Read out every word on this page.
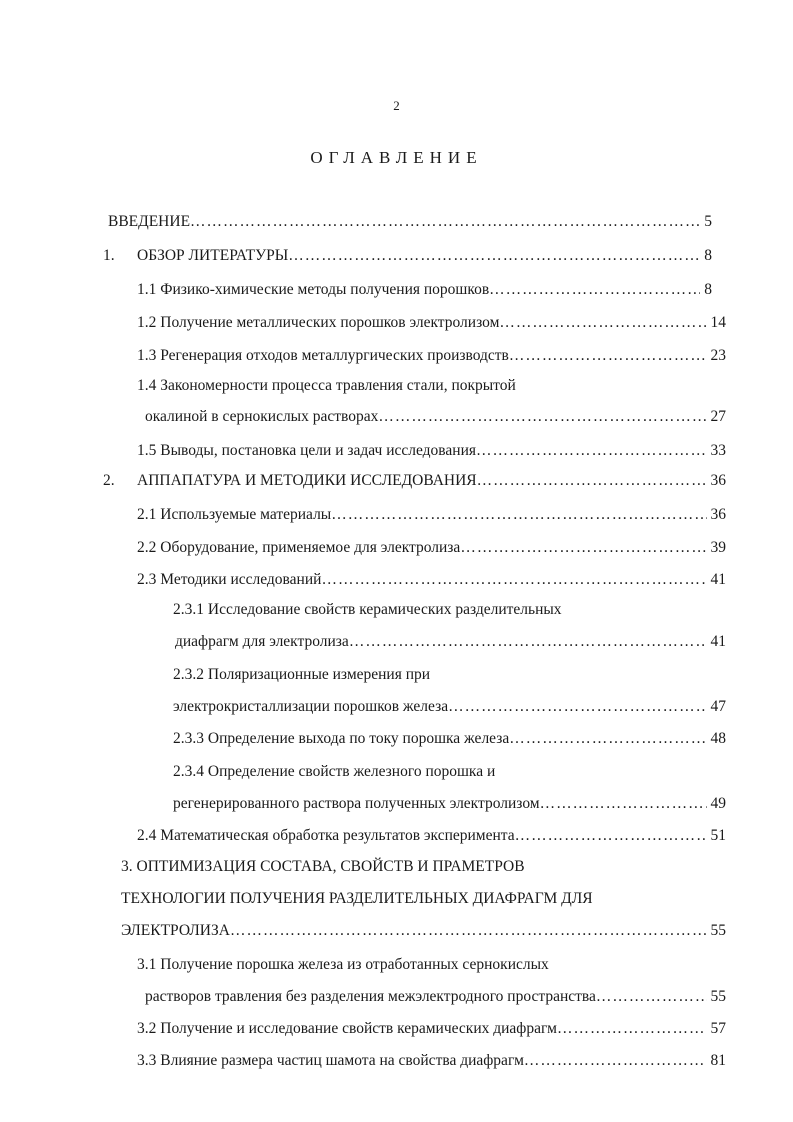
2
ОГЛАВЛЕНИЕ
ВВЕДЕНИЕ ……………………………………………………………………………………………………………………………………………………………………	5
1. ОБЗОР ЛИТЕРАТУРЫ ……………………………………………………………………………………………………………………………………………………………………	8
1.1 Физико-химические методы получения порошков ……………………………………………………………………………………………………………………………………………………………………	8
1.2 Получение металлических порошков электролизом ……………………………………………………………………………………………………………………………………………………………………	14
1.3 Регенерация отходов металлургических производств ……………………………………………………………………………………………………………………………………………………………………	23
1.4 Закономерности процесса травления стали, покрытой
окалиной в сернокислых растворах ……………………………………………………………………………………………………………………………………………………………………	27
1.5 Выводы, постановка цели и задач исследования ……………………………………………………………………………………………………………………………………………………………………	33
2. АППАПАТУРА И МЕТОДИКИ ИССЛЕДОВАНИЯ ……………………………………………………………………………………………………………………………………………………………………	36
2.1 Используемые материалы ……………………………………………………………………………………………………………………………………………………………………	36
2.2 Оборудование, применяемое для электролиза ……………………………………………………………………………………………………………………………………………………………………	39
2.3 Методики исследований ……………………………………………………………………………………………………………………………………………………………………	41
2.3.1 Исследование свойств керамических разделительных
диафрагм для электролиза ……………………………………………………………………………………………………………………………………………………………………	41
2.3.2 Поляризационные измерения при
электрокристаллизации порошков железа ……………………………………………………………………………………………………………………………………………………………………	47
2.3.3 Определение выхода по току порошка железа ……………………………………………………………………………………………………………………………………………………………………	48
2.3.4 Определение свойств железного порошка и
регенерированного раствора полученных электролизом ……………………………………………………………………………………………………………………………………………………………………	49
2.4 Математическая обработка результатов эксперимента ……………………………………………………………………………………………………………………………………………………………………	51
3. ОПТИМИЗАЦИЯ СОСТАВА, СВОЙСТВ И ПРАМЕТРОВ
ТЕХНОЛОГИИ ПОЛУЧЕНИЯ РАЗДЕЛИТЕЛЬНЫХ ДИАФРАГМ ДЛЯ
ЭЛЕКТРОЛИЗА ……………………………………………………………………………………………………………………………………………………………………	55
3.1 Получение порошка железа из отработанных сернокислых
растворов травления без разделения межэлектродного пространства ……………………………………………………………………………………………………………………………………………………………………	55
3.2 Получение и исследование свойств керамических диафрагм ……………………………………………………………………………………………………………………………………………………………………	57
3.3 Влияние размера частиц шамота на свойства диафрагм ……………………………………………………………………………………………………………………………………………………………………	81
